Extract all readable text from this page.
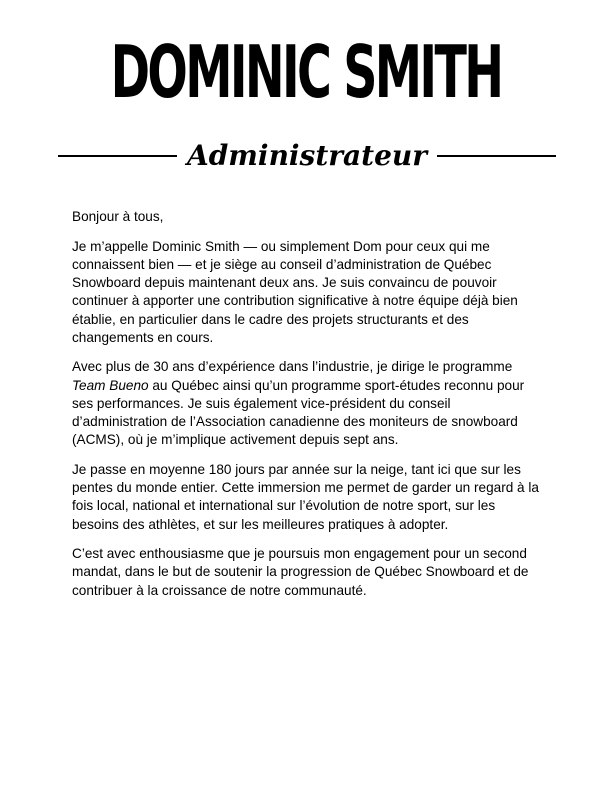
DOMINIC SMITH
Administrateur

Bonjour à tous,

Je m’appelle Dominic Smith — ou simplement Dom pour ceux qui me connaissent bien — et je siège au conseil d’administration de Québec Snowboard depuis maintenant deux ans. Je suis convaincu de pouvoir continuer à apporter une contribution significative à notre équipe déjà bien établie, en particulier dans le cadre des projets structurants et des changements en cours.

Avec plus de 30 ans d’expérience dans l’industrie, je dirige le programme Team Bueno au Québec ainsi qu’un programme sport-études reconnu pour ses performances. Je suis également vice-président du conseil d’administration de l’Association canadienne des moniteurs de snowboard (ACMS), où je m’implique activement depuis sept ans.

Je passe en moyenne 180 jours par année sur la neige, tant ici que sur les pentes du monde entier. Cette immersion me permet de garder un regard à la fois local, national et international sur l’évolution de notre sport, sur les besoins des athlètes, et sur les meilleures pratiques à adopter.

C’est avec enthousiasme que je poursuis mon engagement pour un second mandat, dans le but de soutenir la progression de Québec Snowboard et de contribuer à la croissance de notre communauté.
